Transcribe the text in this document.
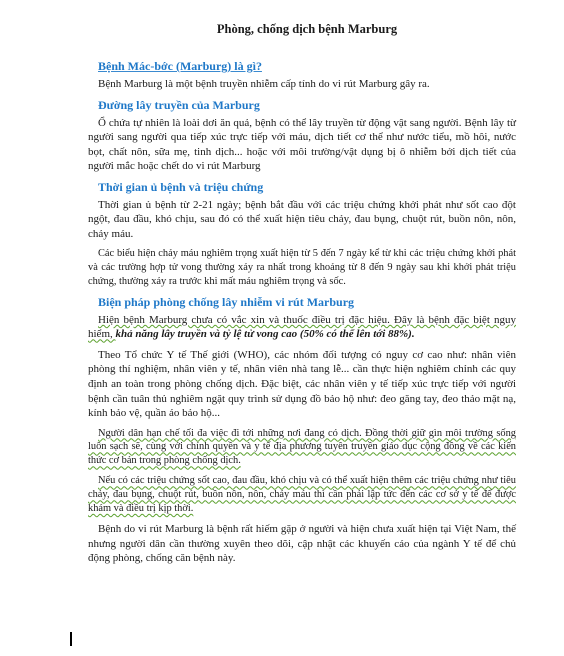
Phòng, chống dịch bệnh Marburg
Bệnh Mác-bớc (Marburg) là gì?

Bệnh Marburg là một bệnh truyền nhiễm cấp tính do vi rút Marburg gây ra.

Đường lây truyền của Marburg

Ổ chứa tự nhiên là loài dơi ăn quả, bệnh có thể lây truyền từ động vật sang người. Bệnh lây từ người sang người qua tiếp xúc trực tiếp với máu, dịch tiết cơ thể như nước tiểu, mồ hôi, nước bọt, chất nôn, sữa mẹ, tinh dịch... hoặc với môi trường/vật dụng bị ô nhiễm bởi dịch tiết của người mắc hoặc chết do vi rút Marburg

Thời gian ủ bệnh và triệu chứng

Thời gian ủ bệnh từ 2-21 ngày; bệnh bắt đầu với các triệu chứng khởi phát như sốt cao đột ngột, đau đầu, khó chịu, sau đó có thể xuất hiện tiêu chảy, đau bụng, chuột rút, buồn nôn, nôn, chảy máu.

Các biểu hiện chảy máu nghiêm trọng xuất hiện từ 5 đến 7 ngày kể từ khi các triệu chứng khởi phát và các trường hợp tử vong thường xảy ra nhất trong khoảng từ 8 đến 9 ngày sau khi khởi phát triệu chứng, thường xảy ra trước khi mất máu nghiêm trọng và sốc.

Biện pháp phòng chống lây nhiễm vi rút Marburg

Hiện bệnh Marburg chưa có vắc xin và thuốc điều trị đặc hiệu. Đây là bệnh đặc biệt nguy hiểm, khả năng lây truyền và tỷ lệ tử vong cao (50% có thể lên tới 88%).

Theo Tổ chức Y tế Thế giới (WHO), các nhóm đối tượng có nguy cơ cao như: nhân viên phòng thí nghiệm, nhân viên y tế, nhân viên nhà tang lễ... cần thực hiện nghiêm chỉnh các quy định an toàn trong phòng chống dịch. Đặc biệt, các nhân viên y tế tiếp xúc trực tiếp với người bệnh cần tuân thủ nghiêm ngặt quy trình sử dụng đồ bảo hộ như: đeo găng tay, đeo thảo mặt nạ, kính bảo vệ, quần áo bảo hộ...

Người dân hạn chế tối đa việc đi tới những nơi đang có dịch. Đồng thời giữ gìn môi trường sống luôn sạch sẽ, cùng với chính quyền và y tế địa phương tuyên truyền giáo dục cộng đồng về các kiến thức cơ bản trong phòng chống dịch.

Nếu có các triệu chứng sốt cao, đau đầu, khó chịu và có thể xuất hiện thêm các triệu chứng như tiêu chảy, đau bụng, chuột rút, buồn nôn, nôn, chảy máu thì cần phải lập tức đến các cơ sở y tế để được khám và điều trị kịp thời.

Bệnh do vi rút Marburg là bệnh rất hiếm gặp ở người và hiện chưa xuất hiện tại Việt Nam, thế nhưng người dân cần thường xuyên theo dõi, cập nhật các khuyến cáo của ngành Y tế để chủ động phòng, chống căn bệnh này.
